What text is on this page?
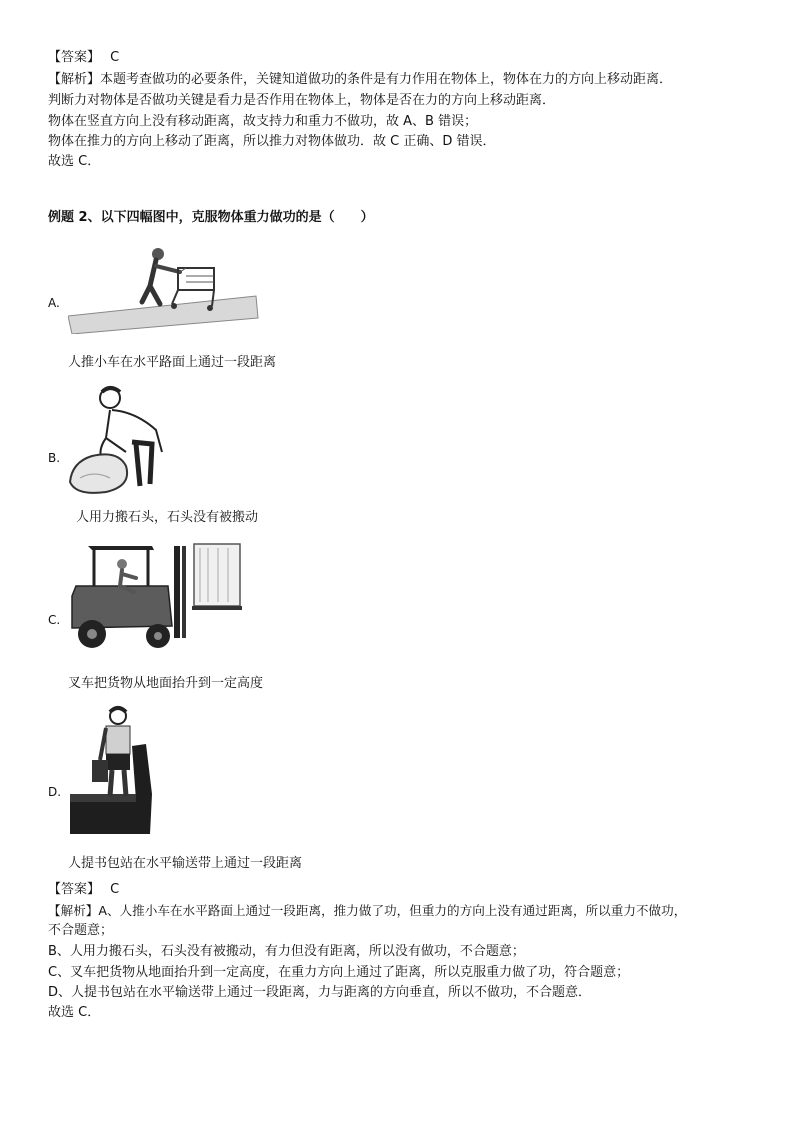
【答案】 C
【解析】本题考查做功的必要条件，关键知道做功的条件是有力作用在物体上，物体在力的方向上移动距离．
判断力对物体是否做功关键是看力是否作用在物体上，物体是否在力的方向上移动距离．
物体在竖直方向上没有移动距离，故支持力和重力不做功，故 A、B 错误；
物体在推力的方向上移动了距离，所以推力对物体做功．故 C 正确、D 错误．
故选 C．
例题 2、以下四幅图中，克服物体重力做功的是（　　）
A.
人推小车在水平路面上通过一段距离
B.
人用力搬石头，石头没有被搬动
C.
叉车把货物从地面抬升到一定高度
D.
人提书包站在水平输送带上通过一段距离
【答案】 C
【解析】A、人推小车在水平路面上通过一段距离，推力做了功，但重力的方向上没有通过距离，所以重力不做功，
不合题意；
B、人用力搬石头，石头没有被搬动，有力但没有距离，所以没有做功，不合题意；
C、叉车把货物从地面抬升到一定高度，在重力方向上通过了距离，所以克服重力做了功，符合题意；
D、人提书包站在水平输送带上通过一段距离，力与距离的方向垂直，所以不做功，不合题意．
故选 C．
